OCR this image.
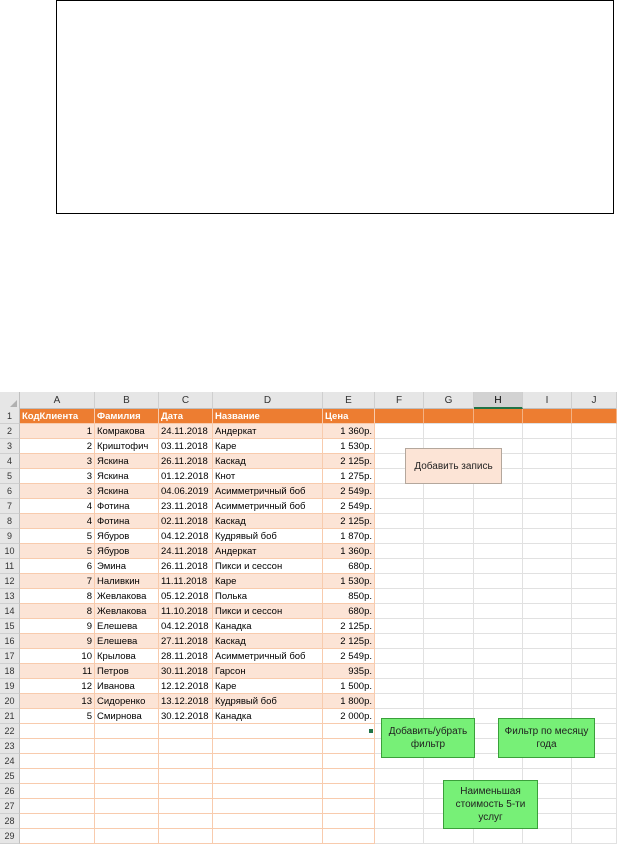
A	B	C	D	E	F	G	H	I	J
1
2
3
4
5
6
7
8
9
10
11
12
13
14
15
16
17
18
19
20
21
22
23
24
25
26
27
28
29
КодКлиента	Фамилия	Дата	Название	Цена
1 Комракова	24.11.2018 Андеркат	1 360р.
2 Криштофич	03.11.2018 Каре	1 530р.
3 Яскина	26.11.2018 Каскад	2 125р.
3 Яскина	01.12.2018 Кнот	1 275р.
3 Яскина	04.06.2019 Асимметричный боб	2 549р.
4 Фотина	23.11.2018 Асимметричный боб	2 549р.
4 Фотина	02.11.2018 Каскад	2 125р.
5 Ябуров	04.12.2018 Кудрявый боб	1 870р.
5 Ябуров	24.11.2018 Андеркат	1 360р.
6 Эмина	26.11.2018 Пикси и сессон	680р.
7 Наливкин	11.11.2018 Каре	1 530р.
8 Жевлакова	05.12.2018 Полька	850р.
8 Жевлакова	11.10.2018 Пикси и сессон	680р.
9 Елешева	04.12.2018 Канадка	2 125р.
9 Елешева	27.11.2018 Каскад	2 125р.
10 Крылова	28.11.2018 Асимметричный боб	2 549р.
11 Петров	30.11.2018 Гарсон	935р.
12 Иванова	12.12.2018 Каре	1 500р.
13 Сидоренко	13.12.2018 Кудрявый боб	1 800р.
5 Смирнова	30.12.2018 Канадка	2 000р.
Добавить запись
Добавить/убрать фильтр
Фильтр по месяцу года
Наименьшая стоимость 5-ти услуг
